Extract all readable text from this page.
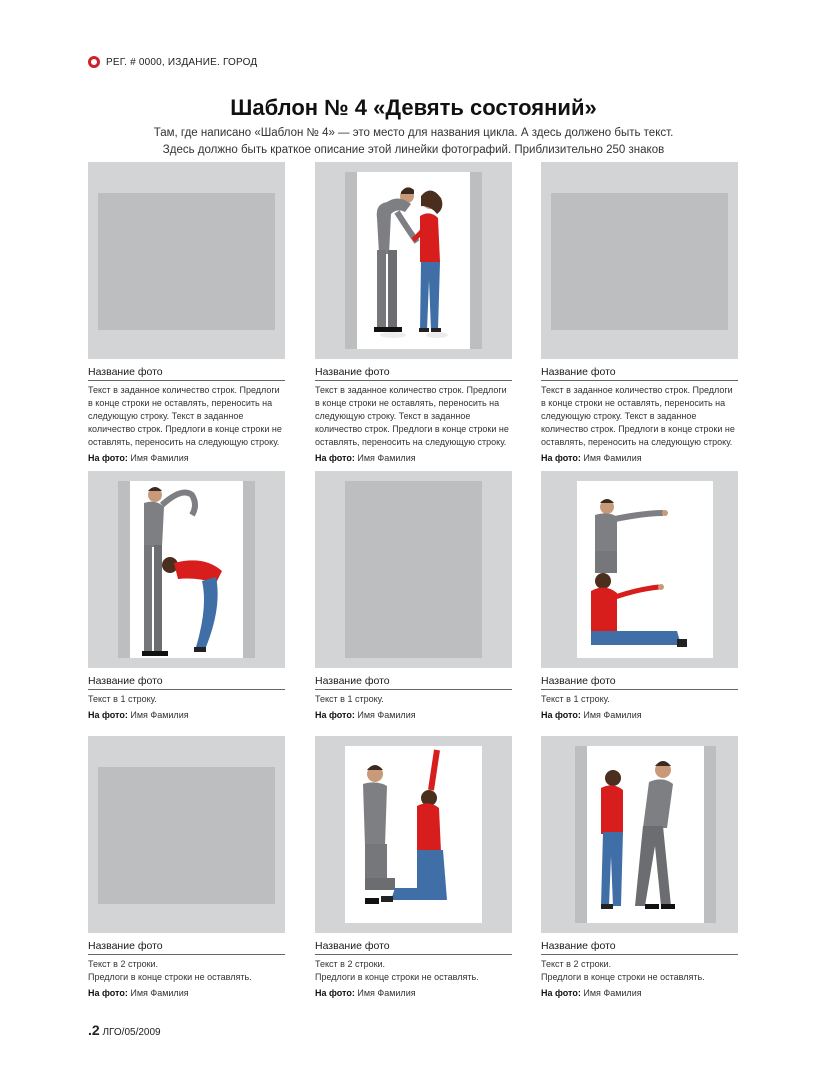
РЕГ. # 0000, ИЗДАНИЕ. ГОРОД
Шаблон № 4 «Девять состояний»
Там, где написано «Шаблон № 4» — это место для названия цикла. А здесь должено быть текст.
Здесь должно быть краткое описание этой линейки фотографий. Приблизительно 250 знаков
Название фото
Текст в заданное количество строк. Предлоги в конце строки не оставлять, переносить на следующую строку. Текст в заданное количество строк. Предлоги в конце строки не оставлять, переносить на следующую строку.
На фото: Имя Фамилия
Название фото
Текст в заданное количество строк. Предлоги в конце строки не оставлять, переносить на следующую строку. Текст в заданное количество строк. Предлоги в конце строки не оставлять, переносить на следующую строку.
На фото: Имя Фамилия
Название фото
Текст в заданное количество строк. Предлоги в конце строки не оставлять, переносить на следующую строку. Текст в заданное количество строк. Предлоги в конце строки не оставлять, переносить на следующую строку.
На фото: Имя Фамилия
Название фото
Текст в 1 строку.
На фото: Имя Фамилия
Название фото
Текст в 1 строку.
На фото: Имя Фамилия
Название фото
Текст в 1 строку.
На фото: Имя Фамилия
Название фото
Текст в 2 строки.
Предлоги в конце строки не оставлять.
На фото: Имя Фамилия
Название фото
Текст в 2 строки.
Предлоги в конце строки не оставлять.
На фото: Имя Фамилия
Название фото
Текст в 2 строки.
Предлоги в конце строки не оставлять.
На фото: Имя Фамилия
.2 ЛГО/05/2009
